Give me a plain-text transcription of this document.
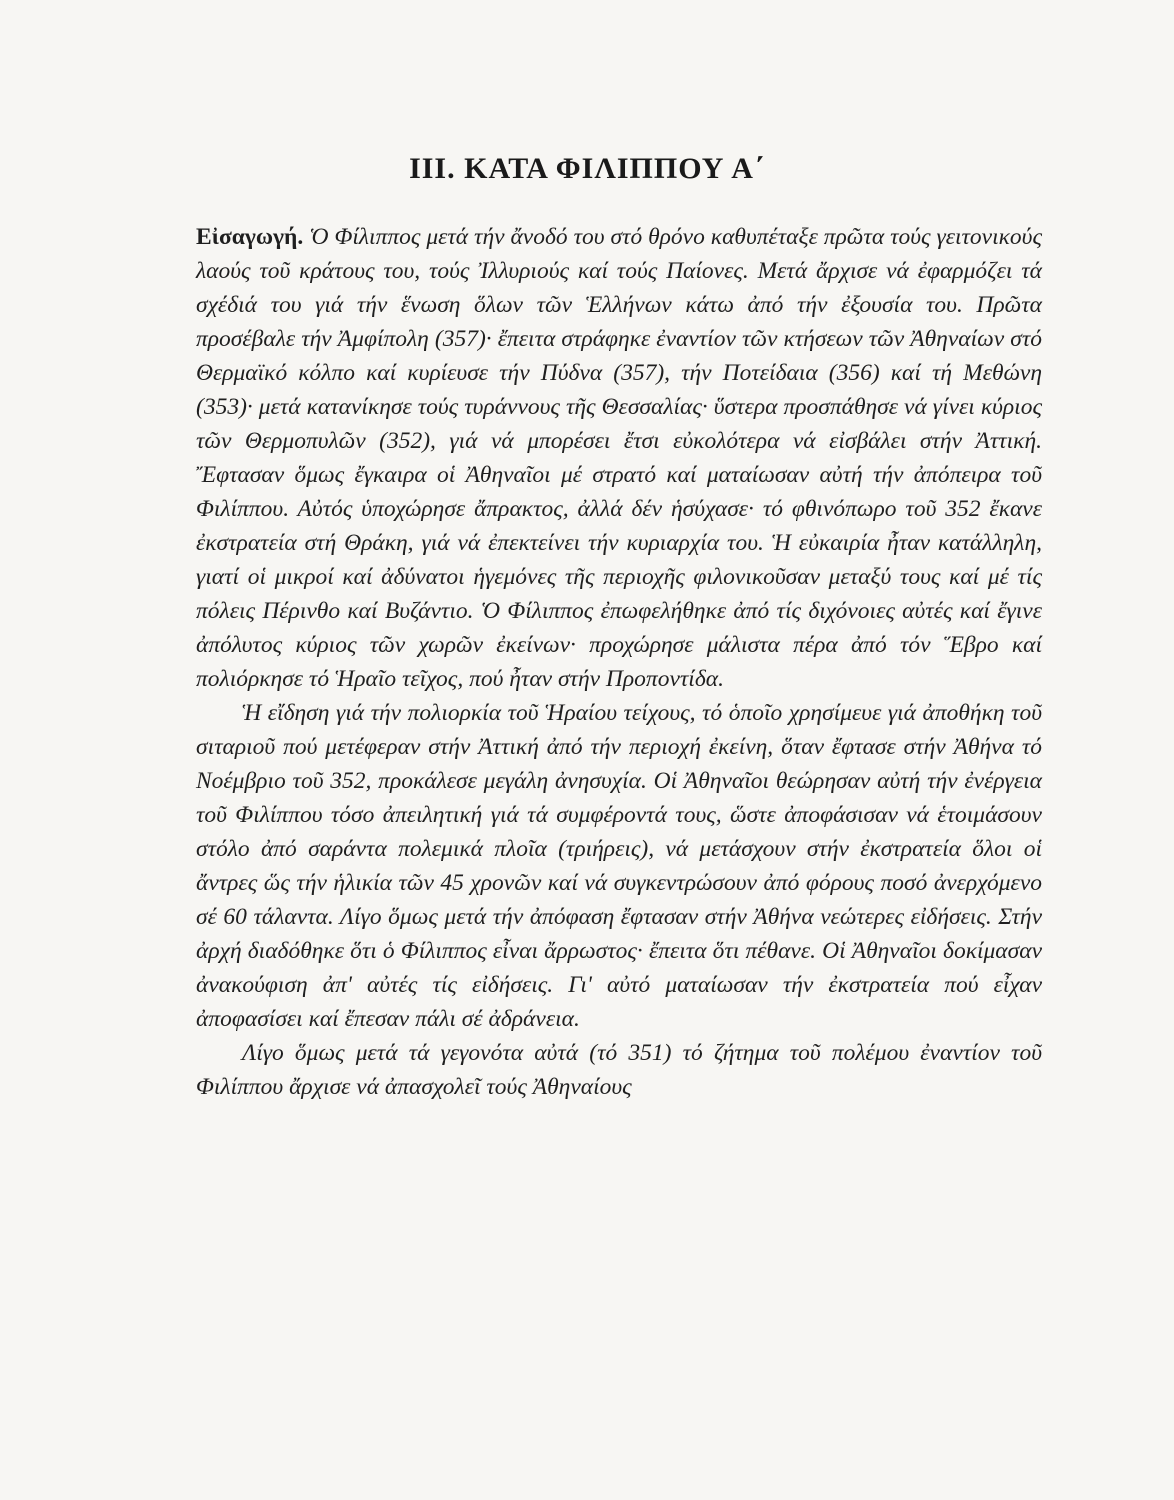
III. ΚΑΤΑ ΦΙΛΙΠΠΟΥ Α΄

Εἰσαγωγή. Ὁ Φίλιππος μετά τήν ἄνοδό του στό θρόνο καθυπέταξε πρῶτα τούς γειτονικούς λαούς τοῦ κράτους του, τούς Ἰλλυριούς καί τούς Παίονες. Μετά ἄρχισε νά ἐφαρμόζει τά σχέδιά του γιά τήν ἕνωση ὅλων τῶν Ἑλλήνων κάτω ἀπό τήν ἐξουσία του. Πρῶτα προσέβαλε τήν Ἀμφίπολη (357)· ἔπειτα στράφηκε ἐναντίον τῶν κτήσεων τῶν Ἀθηναίων στό Θερμαϊκό κόλπο καί κυρίευσε τήν Πύδνα (357), τήν Ποτείδαια (356) καί τή Μεθώνη (353)· μετά κατανίκησε τούς τυράννους τῆς Θεσσαλίας· ὕστερα προσπάθησε νά γίνει κύριος τῶν Θερμοπυλῶν (352), γιά νά μπορέσει ἔτσι εὐκολότερα νά εἰσβάλει στήν Ἀττική. Ἔφτασαν ὅμως ἔγκαιρα οἱ Ἀθηναῖοι μέ στρατό καί ματαίωσαν αὐτή τήν ἀπόπειρα τοῦ Φιλίππου. Αὐτός ὑποχώρησε ἄπρακτος, ἀλλά δέν ἡσύχασε· τό φθινόπωρο τοῦ 352 ἔκανε ἐκστρατεία στή Θράκη, γιά νά ἐπεκτείνει τήν κυριαρχία του. Ἡ εὐκαιρία ἦταν κατάλληλη, γιατί οἱ μικροί καί ἀδύνατοι ἡγεμόνες τῆς περιοχῆς φιλονικοῦσαν μεταξύ τους καί μέ τίς πόλεις Πέρινθο καί Βυζάντιο. Ὁ Φίλιππος ἐπωφελήθηκε ἀπό τίς διχόνοιες αὐτές καί ἔγινε ἀπόλυτος κύριος τῶν χωρῶν ἐκείνων· προχώρησε μάλιστα πέρα ἀπό τόν Ἕβρο καί πολιόρκησε τό Ἡραῖο τεῖχος, πού ἦταν στήν Προποντίδα.

Ἡ εἴδηση γιά τήν πολιορκία τοῦ Ἡραίου τείχους, τό ὁποῖο χρησίμευε γιά ἀποθήκη τοῦ σιταριοῦ πού μετέφεραν στήν Ἀττική ἀπό τήν περιοχή ἐκείνη, ὅταν ἔφτασε στήν Ἀθήνα τό Νοέμβριο τοῦ 352, προκάλεσε μεγάλη ἀνησυχία. Οἱ Ἀθηναῖοι θεώρησαν αὐτή τήν ἐνέργεια τοῦ Φιλίππου τόσο ἀπειλητική γιά τά συμφέροντά τους, ὥστε ἀποφάσισαν νά ἑτοιμάσουν στόλο ἀπό σαράντα πολεμικά πλοῖα (τριήρεις), νά μετάσχουν στήν ἐκστρατεία ὅλοι οἱ ἄντρες ὥς τήν ἡλικία τῶν 45 χρονῶν καί νά συγκεντρώσουν ἀπό φόρους ποσό ἀνερχόμενο σέ 60 τάλαντα. Λίγο ὅμως μετά τήν ἀπόφαση ἔφτασαν στήν Ἀθήνα νεώτερες εἰδήσεις. Στήν ἀρχή διαδόθηκε ὅτι ὁ Φίλιππος εἶναι ἄρρωστος· ἔπειτα ὅτι πέθανε. Οἱ Ἀθηναῖοι δοκίμασαν ἀνακούφιση ἀπ' αὐτές τίς εἰδήσεις. Γι' αὐτό ματαίωσαν τήν ἐκστρατεία πού εἶχαν ἀποφασίσει καί ἔπεσαν πάλι σέ ἀδράνεια.

Λίγο ὅμως μετά τά γεγονότα αὐτά (τό 351) τό ζήτημα τοῦ πολέμου ἐναντίον τοῦ Φιλίππου ἄρχισε νά ἀπασχολεῖ τούς Ἀθηναίους
